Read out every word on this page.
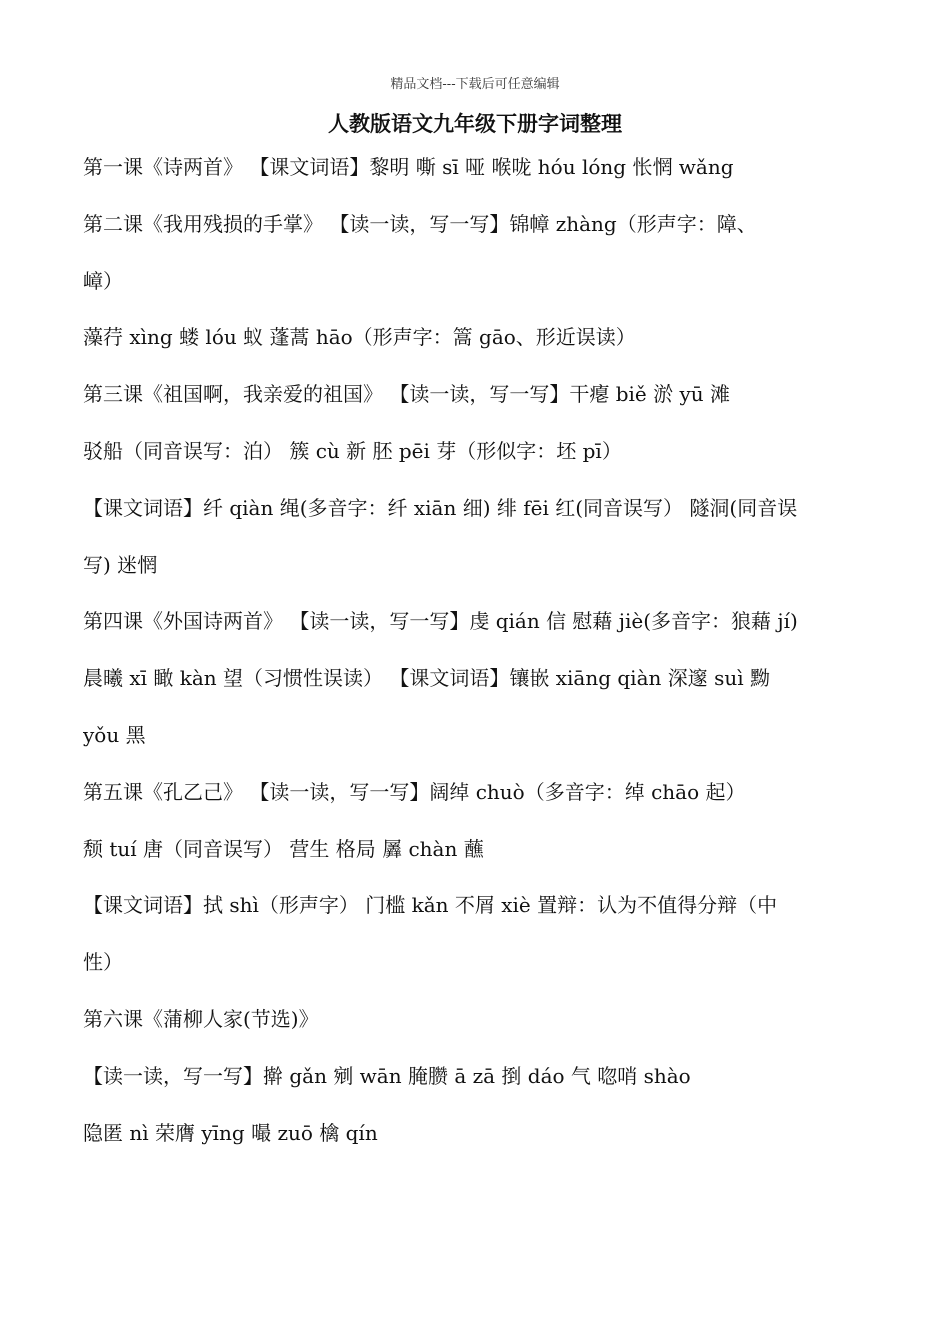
精品文档---下载后可任意编辑
人教版语文九年级下册字词整理
第一课《诗两首》 【课文词语】黎明 嘶 sī 哑 喉咙 hóu lóng 怅惘 wǎng
第二课《我用残损的手掌》 【读一读，写一写】锦幛 zhàng（形声字：障、
嶂）
藻荇 xìng 蝼 lóu 蚁 蓬蒿 hāo（形声字：篙 gāo、形近误读）
第三课《祖国啊，我亲爱的祖国》 【读一读，写一写】干瘪 biě 淤 yū 滩
驳船（同音误写：泊） 簇 cù 新 胚 pēi 芽（形似字：坯 pī）
【课文词语】纤 qiàn 绳(多音字：纤 xiān 细) 绯 fēi 红(同音误写） 隧洞(同音误
写) 迷惘
第四课《外国诗两首》 【读一读，写一写】虔 qián 信 慰藉 jiè(多音字：狼藉 jí)
晨曦 xī 瞰 kàn 望（习惯性误读） 【课文词语】镶嵌 xiāng qiàn 深邃 suì 黝
yǒu 黑
第五课《孔乙己》 【读一读，写一写】阔绰 chuò（多音字：绰 chāo 起）
颓 tuí 唐（同音误写） 营生 格局 羼 chàn 蘸
【课文词语】拭 shì（形声字） 门槛 kǎn 不屑 xiè 置辩：认为不值得分辩（中
性）
第六课《蒲柳人家(节选)》
【读一读，写一写】擀 gǎn 剜 wān 腌臜 ā zā 捯 dáo 气 唿哨 shào
隐匿 nì 荣膺 yīng 嘬 zuō 檎 qín
